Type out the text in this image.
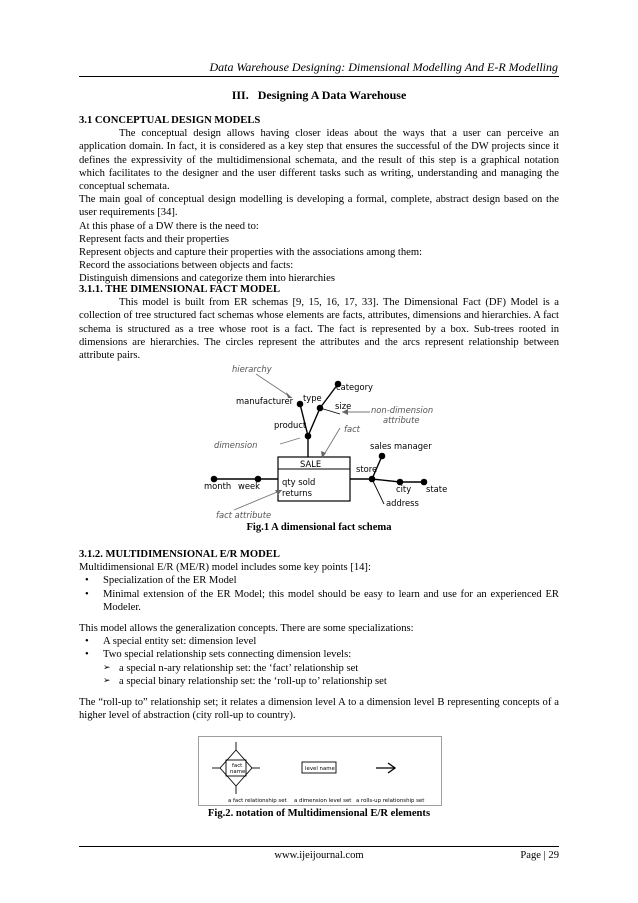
Data Warehouse Designing: Dimensional Modelling And E-R Modelling
III.   Designing A Data Warehouse

3.1 CONCEPTUAL DESIGN MODELS

The conceptual design allows having closer ideas about the ways that a user can perceive an application domain. In fact, it is considered as a key step that ensures the successful of the DW projects since it defines the expressivity of the multidimensional schemata, and the result of this step is a graphical notation which facilitates to the designer and the user different tasks such as writing, understanding and managing the conceptual schemata.

The main goal of conceptual design modelling is developing a formal, complete, abstract design based on the user requirements [34].

At this phase of a DW there is the need to:

Represent facts and their properties

Represent objects and capture their properties with the associations among them:

Record the associations between objects and facts:

Distinguish dimensions and categorize them into hierarchies

3.1.1. THE DIMENSIONAL FACT MODEL

This model is built from ER schemas [9, 15, 16, 17, 33]. The Dimensional Fact (DF) Model is a collection of tree structured fact schemas whose elements are facts, attributes, dimensions and hierarchies. A fact schema is structured as a tree whose root is a fact. The fact is represented by a box. Sub-trees rooted in dimensions are hierarchies. The circles represent the attributes and the arcs represent relationship between attribute pairs.

hierarchy
category
manufacturer type
size non-dimension
attribute
product	fact
dimension	sales manager
SALE	store
month week	qty sold
returns	city state
address
fact attribute
Fig.1 A dimensional fact schema

3.1.2. MULTIDIMENSIONAL E/R MODEL

Multidimensional E/R (ME/R) model includes some key points [14]:

• Specialization of the ER Model
• Minimal extension of the ER Model; this model should be easy to learn and use for an experienced ER Modeler.

This model allows the generalization concepts. There are some specializations:

• A special entity set: dimension level
• Two special relationship sets connecting dimension levels:
➢ a special n-ary relationship set: the ‘fact’ relationship set
➢ a special binary relationship set: the ‘roll-up to’ relationship set

The “roll-up to” relationship set; it relates a dimension level A to a dimension level B representing concepts of a higher level of abstraction (city roll-up to country).

fact
name	level name
a fact relationship set a dimension level set a rolls-up relationship set
Fig.2. notation of Multidimensional E/R elements
www.ijeijournal.com	Page | 29
